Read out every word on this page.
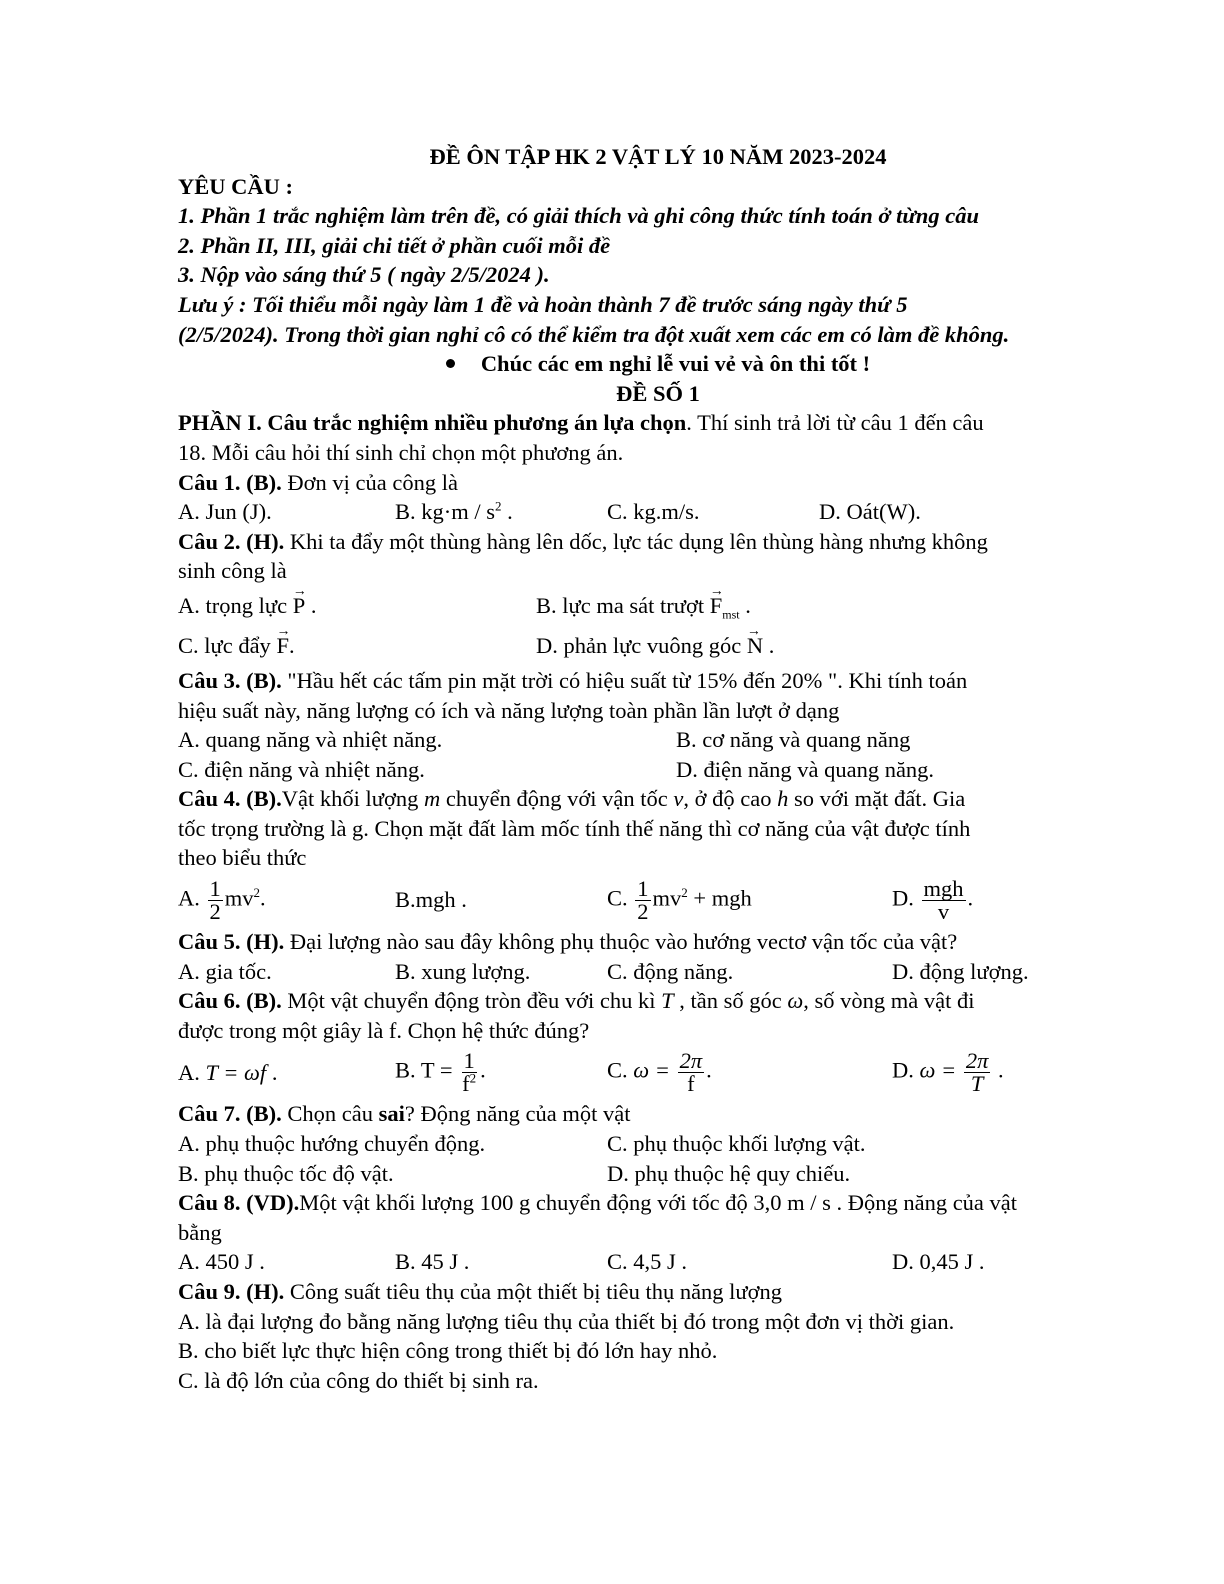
ĐỀ ÔN TẬP HK 2 VẬT LÝ 10 NĂM 2023-2024
YÊU CẦU :
1. Phần 1 trắc nghiệm làm trên đề, có giải thích và ghi công thức tính toán ở từng câu
2. Phần II, III, giải chi tiết ở phần cuối mỗi đề
3. Nộp vào sáng thứ 5 ( ngày 2/5/2024 ).
Lưu ý : Tối thiểu mỗi ngày làm 1 đề và hoàn thành 7 đề trước sáng ngày thứ 5
(2/5/2024). Trong thời gian nghỉ cô có thể kiểm tra đột xuất xem các em có làm đề không.
Chúc các em nghỉ lễ vui vẻ và ôn thi tốt !
ĐỀ SỐ 1
PHẦN I. Câu trắc nghiệm nhiều phương án lựa chọn. Thí sinh trả lời từ câu 1 đến câu
18. Mỗi câu hỏi thí sinh chỉ chọn một phương án.
Câu 1. (B). Đơn vị của công là
A. Jun (J).	B. $kg\cdot m / s^2$ .	C. kg.m/s.	D. Oát(W).
Câu 2. (H). Khi ta đẩy một thùng hàng lên dốc, lực tác dụng lên thùng hàng nhưng không
sinh công là
A. trọng lực → P .	B. lực ma sát trượt → $F_{mst}$ .
C. lực đẩy → F.	D. phản lực vuông góc → N .
Câu 3. (B). "Hầu hết các tấm pin mặt trời có hiệu suất từ 15% đến 20% ". Khi tính toán
hiệu suất này, năng lượng có ích và năng lượng toàn phần lần lượt ở dạng
A. quang năng và nhiệt năng.	B. cơ năng và quang năng
C. điện năng và nhiệt năng.	D. điện năng và quang năng.
Câu 4. (B).Vật khối lượng m chuyển động với vận tốc v, ở độ cao h so với mặt đất. Gia
tốc trọng trường là g. Chọn mặt đất làm mốc tính thế năng thì cơ năng của vật được tính
theo biểu thức
A. $\frac{1}{2} mv^2$.	B.mgh .	C. $\frac{1}{2} mv^2$ + mgh	D. $\frac{\text{mgh}}{v}$ .
Câu 5. (H). Đại lượng nào sau đây không phụ thuộc vào hướng vectơ vận tốc của vật?
A. gia tốc.	B. xung lượng.	C. động năng.	D. động lượng.
Câu 6. (B). Một vật chuyển động tròn đều với chu kì T , tần số góc ω, số vòng mà vật đi
được trong một giây là f. Chọn hệ thức đúng?
A. T = ωf .	B. $T = \frac{1}{f^2}$ .	C. $\omega = \frac{2\pi}{f}$ .	D. $\omega = \frac{2\pi}{T}$ .
Câu 7. (B). Chọn câu sai? Động năng của một vật
A. phụ thuộc hướng chuyển động.	C. phụ thuộc khối lượng vật.
B. phụ thuộc tốc độ vật.	D. phụ thuộc hệ quy chiếu.
Câu 8. (VD).Một vật khối lượng 100 g chuyển động với tốc độ 3,0 m / s . Động năng của vật
bằng
A. 450 J .	B. 45 J .	C. 4,5 J .	D. 0,45 J .
Câu 9. (H). Công suất tiêu thụ của một thiết bị tiêu thụ năng lượng
A. là đại lượng đo bằng năng lượng tiêu thụ của thiết bị đó trong một đơn vị thời gian.
B. cho biết lực thực hiện công trong thiết bị đó lớn hay nhỏ.
C. là độ lớn của công do thiết bị sinh ra.
